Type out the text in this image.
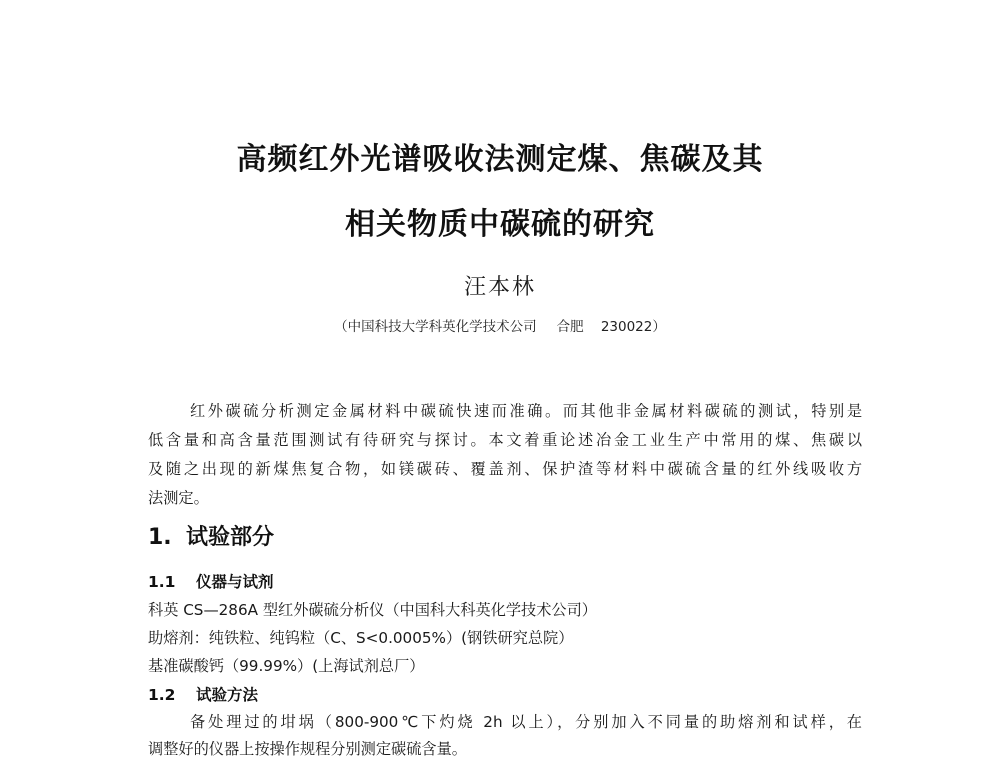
高频红外光谱吸收法测定煤、焦碳及其
相关物质中碳硫的研究
汪本林
（中国科技大学科英化学技术公司 合肥 230022）
红外碳硫分析测定金属材料中碳硫快速而准确。而其他非金属材料碳硫的测试，特别是
低含量和高含量范围测试有待研究与探讨。本文着重论述冶金工业生产中常用的煤、焦碳以
及随之出现的新煤焦复合物，如镁碳砖、覆盖剂、保护渣等材料中碳硫含量的红外线吸收方
法测定。
1. 试验部分
1.1 仪器与试剂
科英 CS—286A 型红外碳硫分析仪（中国科大科英化学技术公司）
助熔剂：纯铁粒、纯钨粒（C、S<0.0005%）(钢铁研究总院）
基准碳酸钙（99.99%）(上海试剂总厂）
1.2 试验方法
备处理过的坩埚（800-900℃下灼烧 2h 以上），分别加入不同量的助熔剂和试样，在
调整好的仪器上按操作规程分别测定碳硫含量。
